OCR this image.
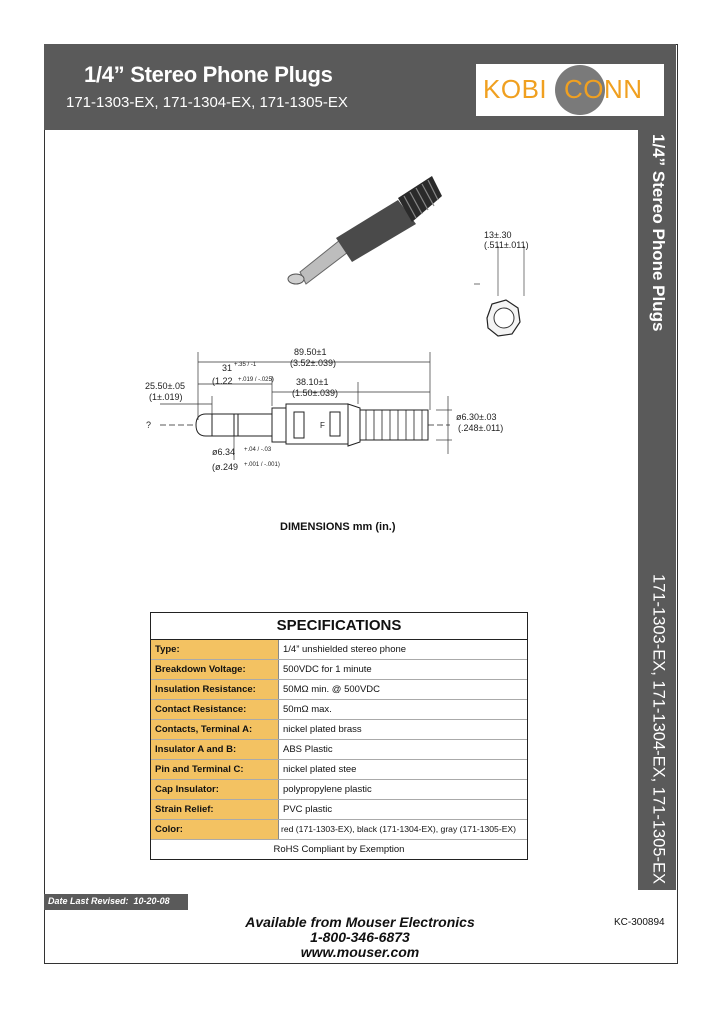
1/4” Stereo Phone Plugs
171-1303-EX, 171-1304-EX, 171-1305-EX	KOBI CONN
1/4” Stereo Phone Plugs
171-1303-EX, 171-1304-EX, 171-1305-EX
13±.30
(.511±.011)
89.50±1
(3.52±.039)
31 +.35 / -1
(1.22 +.019 / -.025) 38.10±1
(1.50±.039)
25.50±.05
(1±.019)
ø6.30±.03
(.248±.011)
ø6.34 +.04 / -.03
(ø.249 +.001 / -.001)
?	F
DIMENSIONS mm (in.)
SPECIFICATIONS
Type:	1/4” unshielded stereo phone
Breakdown Voltage:	500VDC for 1 minute
Insulation Resistance:	50MΩ min. @ 500VDC
Contact Resistance:	50mΩ max.
Contacts, Terminal A:	nickel plated brass
Insulator A and B:	ABS Plastic
Pin and Terminal C:	nickel plated stee
Cap Insulator:	polypropylene plastic
Strain Relief:	PVC plastic
Color:	red (171-1303-EX), black (171-1304-EX), gray (171-1305-EX)
RoHS Compliant by Exemption
Date Last Revised: 10-20-08
KC-300894
Available from Mouser Electronics
1-800-346-6873
www.mouser.com
